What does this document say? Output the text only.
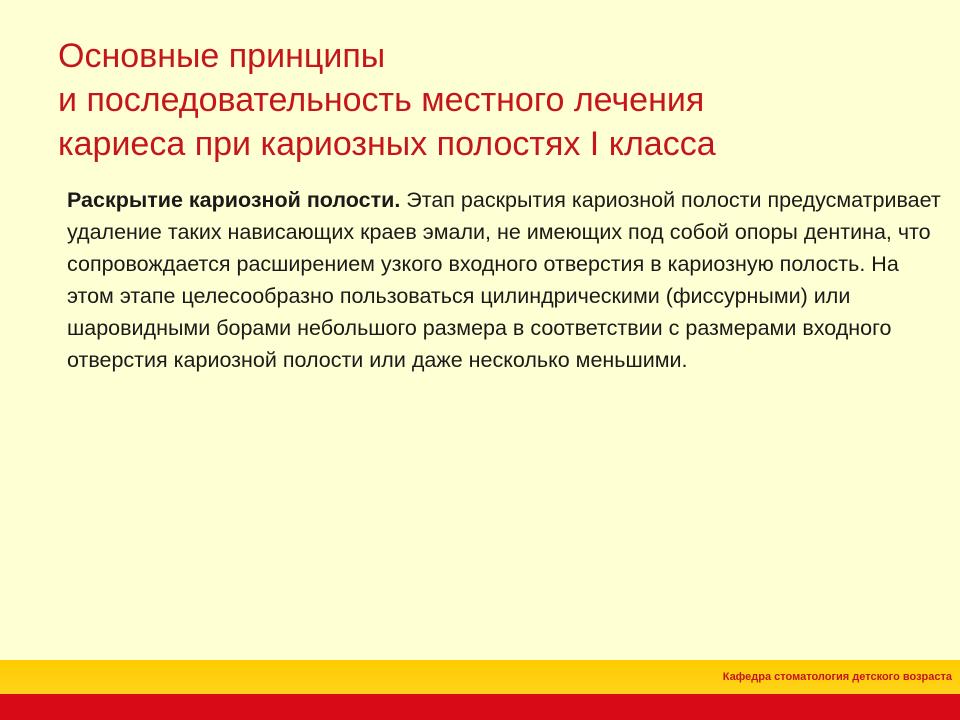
Основные принципы
и последовательность местного лечения
кариеса при кариозных полостях I класса

Раскрытие кариозной полости. Этап раскрытия кариозной полости предусматривает удаление таких нависающих краев эмали, не имеющих под собой опоры дентина, что сопровождается расширением узкого входного отверстия в кариозную полость. На этом этапе целесообразно пользоваться цилиндрическими (фиссурными) или шаровидными борами небольшого размера в соответствии с размерами входного отверстия кариозной полости или даже несколько меньшими.

Кафедра стоматология детского возраста
